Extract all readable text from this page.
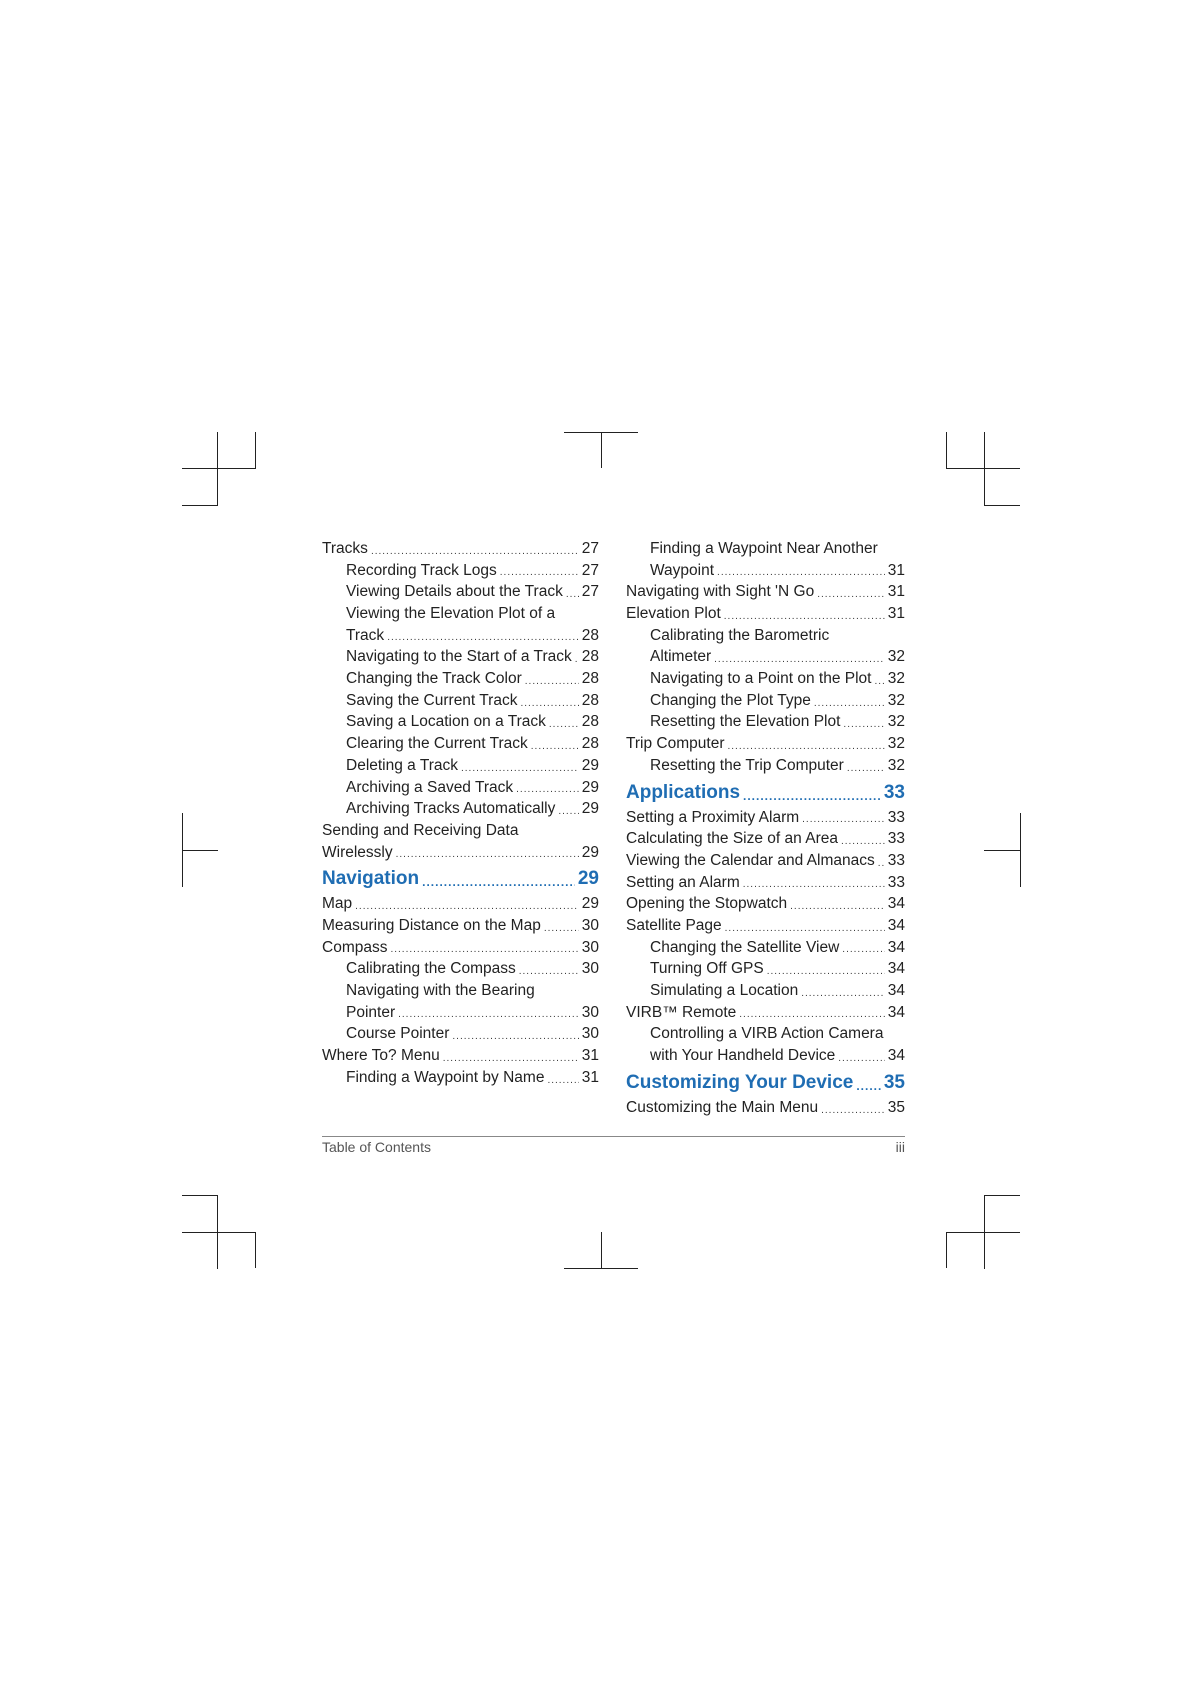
Tracks .....	27
Recording Track Logs .....	27
Viewing Details about the Track ..... 27
Viewing the Elevation Plot of a
Track .....	28
Navigating to the Start of a Track ..... 28
Changing the Track Color .....	28
Saving the Current Track .....	28
Saving a Location on a Track ..... 28
Clearing the Current Track .....	28
Deleting a Track .....	29
Archiving a Saved Track .....	29
Archiving Tracks Automatically ..... 29
Sending and Receiving Data
Wirelessly .....	29
Navigation .....	29
Map .....	29
Measuring Distance on the Map .....	30
Compass .....	30
Calibrating the Compass .....	30
Navigating with the Bearing
Pointer .....	30
Course Pointer .....	30
Where To? Menu .....	31
Finding a Waypoint by Name ..... 31
Finding a Waypoint Near Another
Waypoint .....	31
Navigating with Sight 'N Go .....	31
Elevation Plot .....	31
Calibrating the Barometric
Altimeter .....	32
Navigating to a Point on the Plot ..... 32
Changing the Plot Type .....	32
Resetting the Elevation Plot .....	32
Trip Computer .....	32
Resetting the Trip Computer .....	32
Applications .....	33
Setting a Proximity Alarm .....	33
Calculating the Size of an Area .....	33
Viewing the Calendar and Almanacs ..... 33
Setting an Alarm .....	33
Opening the Stopwatch .....	34
Satellite Page .....	34
Changing the Satellite View .....	34
Turning Off GPS .....	34
Simulating a Location .....	34
VIRB™ Remote .....	34
Controlling a VIRB Action Camera
with Your Handheld Device .....	34
Customizing Your Device ..... 35
Customizing the Main Menu .....	35
Table of Contents	iii
